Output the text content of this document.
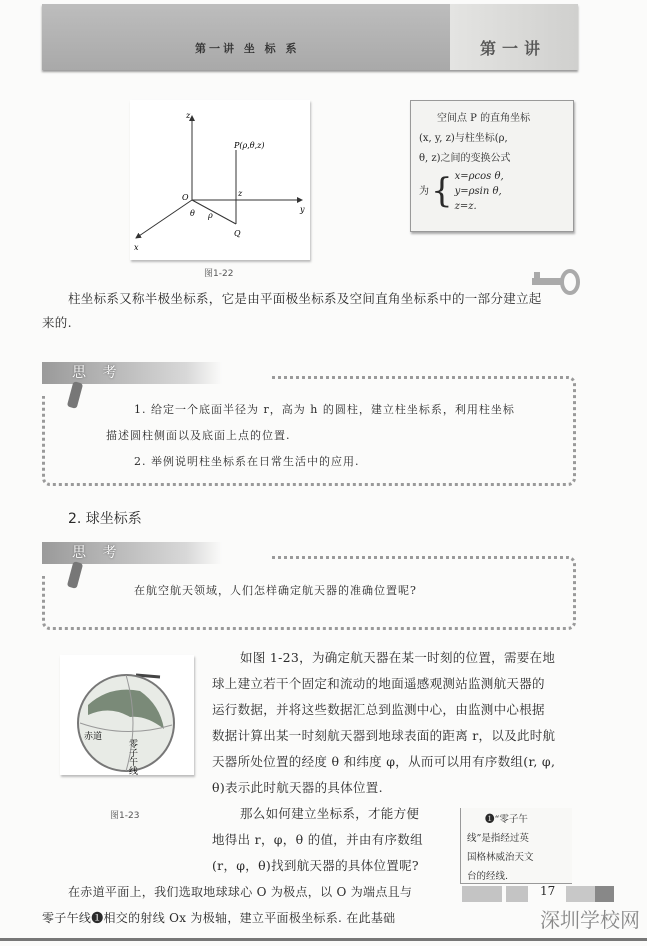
第一讲 坐 标 系	第一讲
z
P(ρ,θ,z)
O
y
x
θ ρ
Q
z
图1-22
空间点 P 的直角坐标
(x, y, z)与柱坐标(ρ,
θ, z)之间的变换公式
为 { x=ρcos θ,
y=ρsin θ,
z=z.
柱坐标系又称半极坐标系，它是由平面极坐标系及空间直角坐标系中的一部分建立起
来的.
思 考
1. 给定一个底面半径为 r，高为 h 的圆柱，建立柱坐标系，利用柱坐标
描述圆柱侧面以及底面上点的位置.
2. 举例说明柱坐标系在日常生活中的应用.
2. 球坐标系
思 考
在航空航天领域，人们怎样确定航天器的准确位置呢?
赤道
零子午线
图1-23
如图 1-23，为确定航天器在某一时刻的位置，需要在地
球上建立若干个固定和流动的地面遥感观测站监测航天器的
运行数据，并将这些数据汇总到监测中心，由监测中心根据
数据计算出某一时刻航天器到地球表面的距离 r，以及此时航
天器所处位置的经度 θ 和纬度 φ，从而可以用有序数组(r, φ,
θ)表示此时航天器的具体位置.
那么如何建立坐标系，才能方便
地得出 r，φ，θ 的值，并由有序数组
(r，φ，θ)找到航天器的具体位置呢?
在赤道平面上，我们选取地球球心 O 为极点，以 O 为端点且与
零子午线❶相交的射线 Ox 为极轴，建立平面极坐标系. 在此基础
❶“零子午
线”是指经过英
国格林威治天文
台的经线.
17
深圳学校网
